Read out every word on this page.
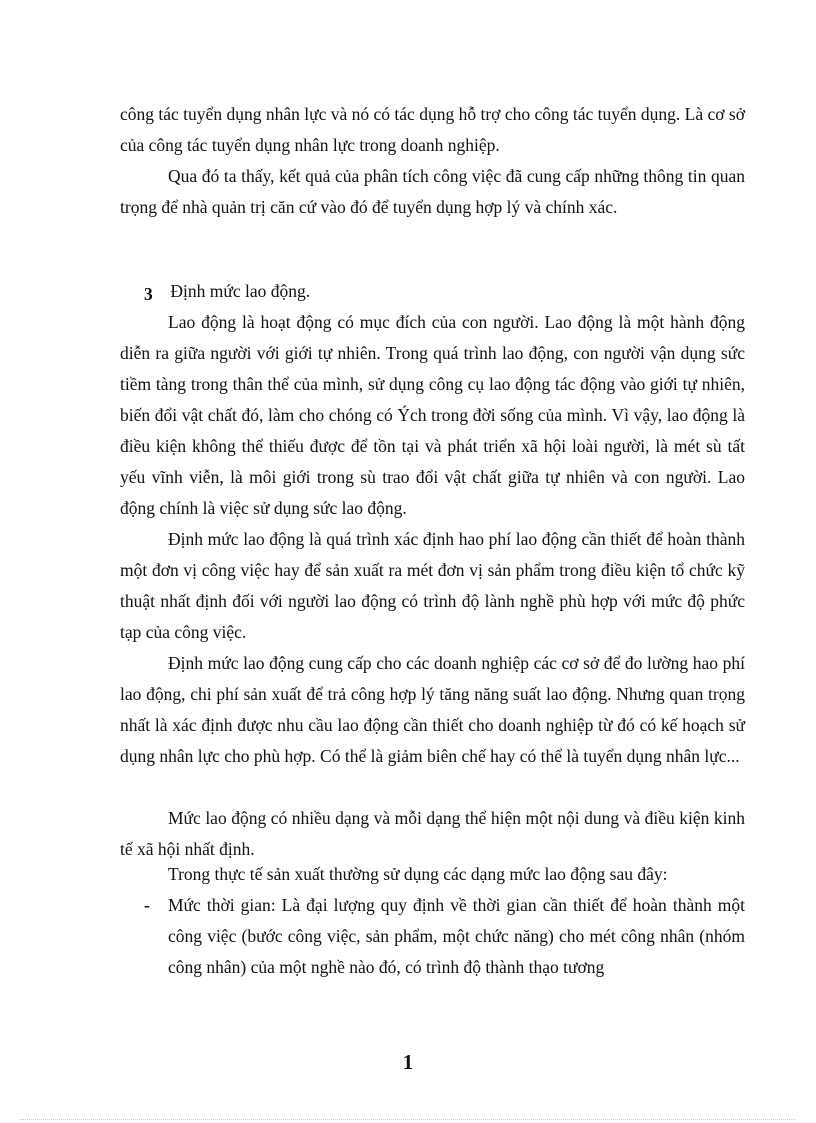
công tác tuyển dụng nhân lực và nó có tác dụng hỗ trợ cho công tác tuyển dụng. Là cơ sở của công tác tuyển dụng nhân lực trong doanh nghiệp.

Qua đó ta thấy, kết quả của phân tích công việc đã cung cấp những thông tin quan trọng để nhà quản trị căn cứ vào đó để tuyển dụng hợp lý và chính xác.

3 Định mức lao động.

Lao động là hoạt động có mục đích của con người. Lao động là một hành động diễn ra giữa người với giới tự nhiên. Trong quá trình lao động, con người vận dụng sức tiềm tàng trong thân thể của mình, sử dụng công cụ lao động tác động vào giới tự nhiên, biến đổi vật chất đó, làm cho chóng có Ých trong đời sống của mình. Vì vậy, lao động là điều kiện không thể thiếu được để tồn tại và phát triển xã hội loài người, là mét sù tất yếu vĩnh viễn, là môi giới trong sù trao đổi vật chất giữa tự nhiên và con người. Lao động chính là việc sử dụng sức lao động.

Định mức lao động là quá trình xác định hao phí lao động cần thiết để hoàn thành một đơn vị công việc hay để sản xuất ra mét đơn vị sản phẩm trong điều kiện tổ chức kỹ thuật nhất định đối với người lao động có trình độ lành nghề phù hợp với mức độ phức tạp của công việc.

Định mức lao động cung cấp cho các doanh nghiệp các cơ sở để đo lường hao phí lao động, chi phí sản xuất để trả công hợp lý tăng năng suất lao động. Nhưng quan trọng nhất là xác định được nhu cầu lao động cần thiết cho doanh nghiệp từ đó có kế hoạch sử dụng nhân lực cho phù hợp. Có thể là giảm biên chế hay có thể là tuyển dụng nhân lực...

Mức lao động có nhiều dạng và mỗi dạng thể hiện một nội dung và điều kiện kinh tế xã hội nhất định.

Trong thực tế sản xuất thường sử dụng các dạng mức lao động sau đây:

- Mức thời gian: Là đại lượng quy định về thời gian cần thiết để hoàn thành một công việc (bước công việc, sản phẩm, một chức năng) cho mét công nhân (nhóm công nhân) của một nghề nào đó, có trình độ thành thạo tương

1
